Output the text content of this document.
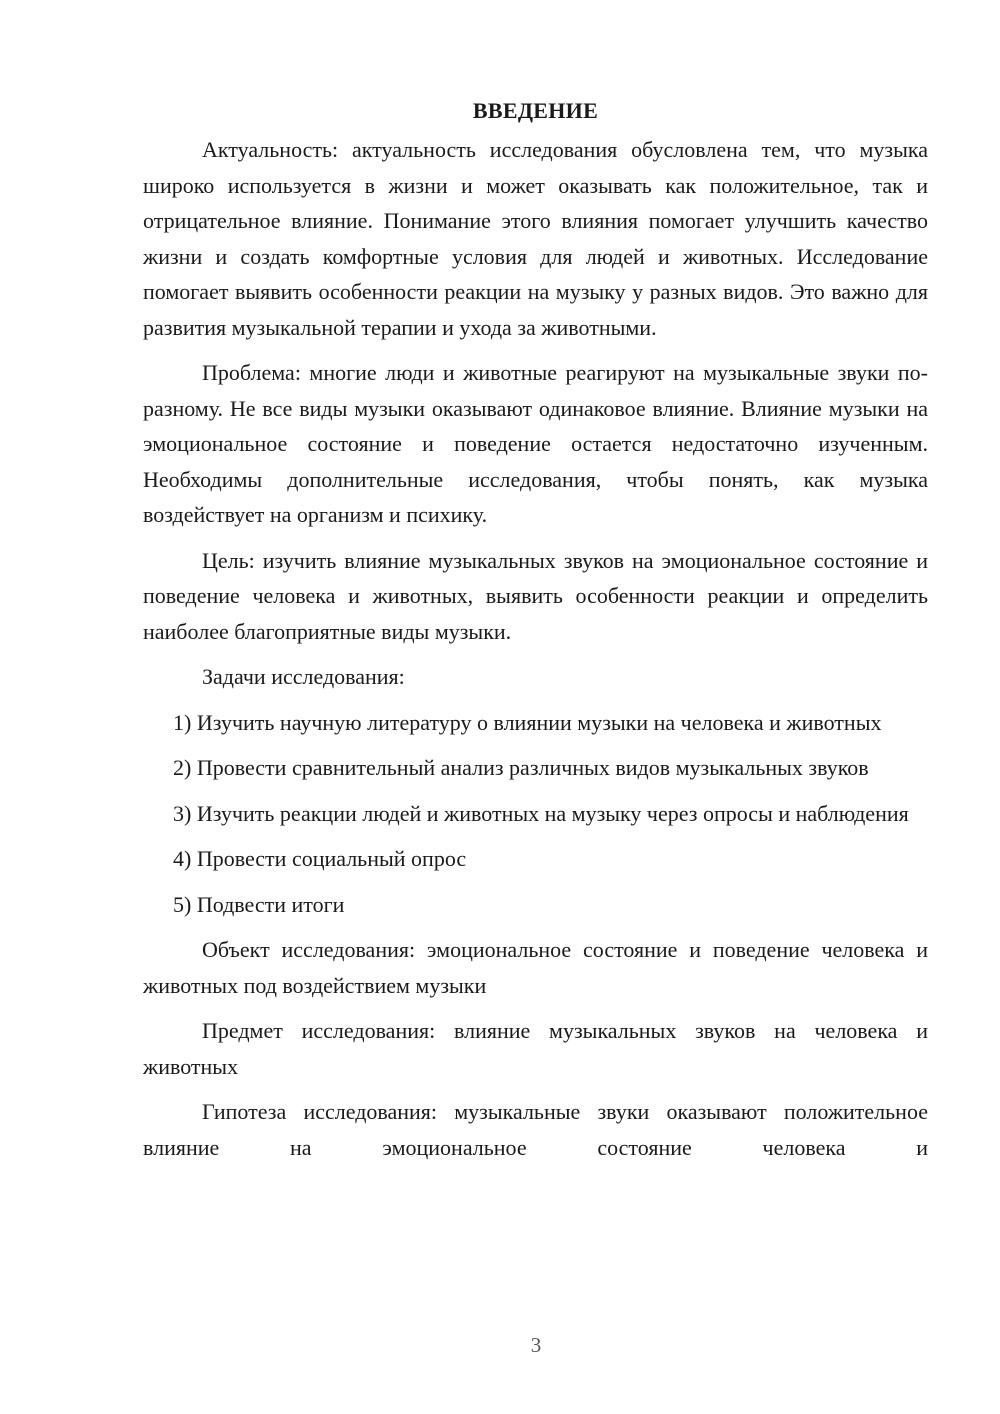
ВВЕДЕНИЕ

Актуальность: актуальность исследования обусловлена тем, что музыка широко используется в жизни и может оказывать как положительное, так и отрицательное влияние. Понимание этого влияния помогает улучшить качество жизни и создать комфортные условия для людей и животных. Исследование помогает выявить особенности реакции на музыку у разных видов. Это важно для развития музыкальной терапии и ухода за животными.

Проблема: многие люди и животные реагируют на музыкальные звуки по-разному. Не все виды музыки оказывают одинаковое влияние. Влияние музыки на эмоциональное состояние и поведение остается недостаточно изученным. Необходимы дополнительные исследования, чтобы понять, как музыка воздействует на организм и психику.

Цель: изучить влияние музыкальных звуков на эмоциональное состояние и поведение человека и животных, выявить особенности реакции и определить наиболее благоприятные виды музыки.

Задачи исследования:

1) Изучить научную литературу о влиянии музыки на человека и животных

2) Провести сравнительный анализ различных видов музыкальных звуков

3) Изучить реакции людей и животных на музыку через опросы и наблюдения

4) Провести социальный опрос

5) Подвести итоги

Объект исследования: эмоциональное состояние и поведение человека и животных под воздействием музыки

Предмет исследования: влияние музыкальных звуков на человека и животных

Гипотеза исследования: музыкальные звуки оказывают положительное влияние на эмоциональное состояние человека и

3
